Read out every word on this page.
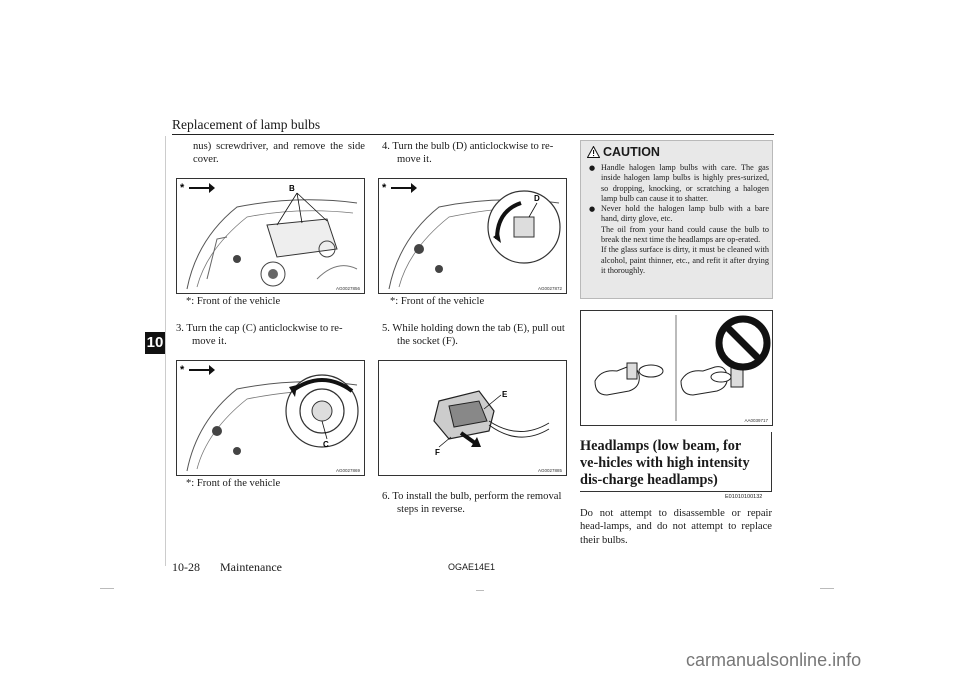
Replacement of lamp bulbs
10
nus) screwdriver, and remove the side cover.
*	B
AG0027856
*: Front of the vehicle
3. Turn the cap (C) anticlockwise to re-
move it.
*
C
AG0027869
*: Front of the vehicle
4. Turn the bulb (D) anticlockwise to re-
move it.
*
D
AG0027872
*: Front of the vehicle
5. While holding down the tab (E), pull out
the socket (F).
E
F
AG0027885
6. To install the bulb, perform the removal
steps in reverse.
CAUTION
● Handle halogen lamp bulbs with care. The gas inside halogen lamp bulbs is highly pres-surized, so dropping, knocking, or scratching a halogen lamp bulb can cause it to shatter.
● Never hold the halogen lamp bulb with a bare hand, dirty glove, etc.
The oil from your hand could cause the bulb to break the next time the headlamps are op-erated.
If the glass surface is dirty, it must be cleaned with alcohol, paint thinner, etc., and refit it after drying it thoroughly.
AA0039717
Headlamps (low beam, for ve-hicles with high intensity dis-charge headlamps)
E01010100132
Do not attempt to disassemble or repair head-lamps, and do not attempt to replace their bulbs.
10-28 Maintenance	OGAE14E1
carmanualsonline.info
